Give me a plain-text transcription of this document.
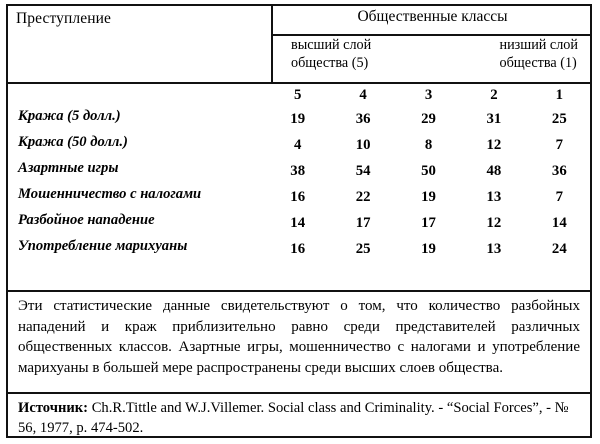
Преступление	Общественные классы
высший слой
общества (5)
низший слой
общества (1)
5	4	3	2	1
Кража (5 долл.)	19	36	29	31	25
Кража (50 долл.)	4	10	8	12	7
Азартные игры	38	54	50	48	36
Мошенничество с налогами	16	22	19	13	7
Разбойное нападение	14	17	17	12	14
Употребление марихуаны	16	25	19	13	24
Эти статистические данные свидетельствуют о том, что количество разбойных нападений и краж приблизительно равно среди представителей различных общественных классов. Азартные игры, мошенничество с налогами и употребление марихуаны в большей мере распространены среди высших слоев общества.
Источник: Ch.R.Tittle and W.J.Villemer. Social class and Criminality. - “Social Forces”, - № 56, 1977, p. 474-502.
